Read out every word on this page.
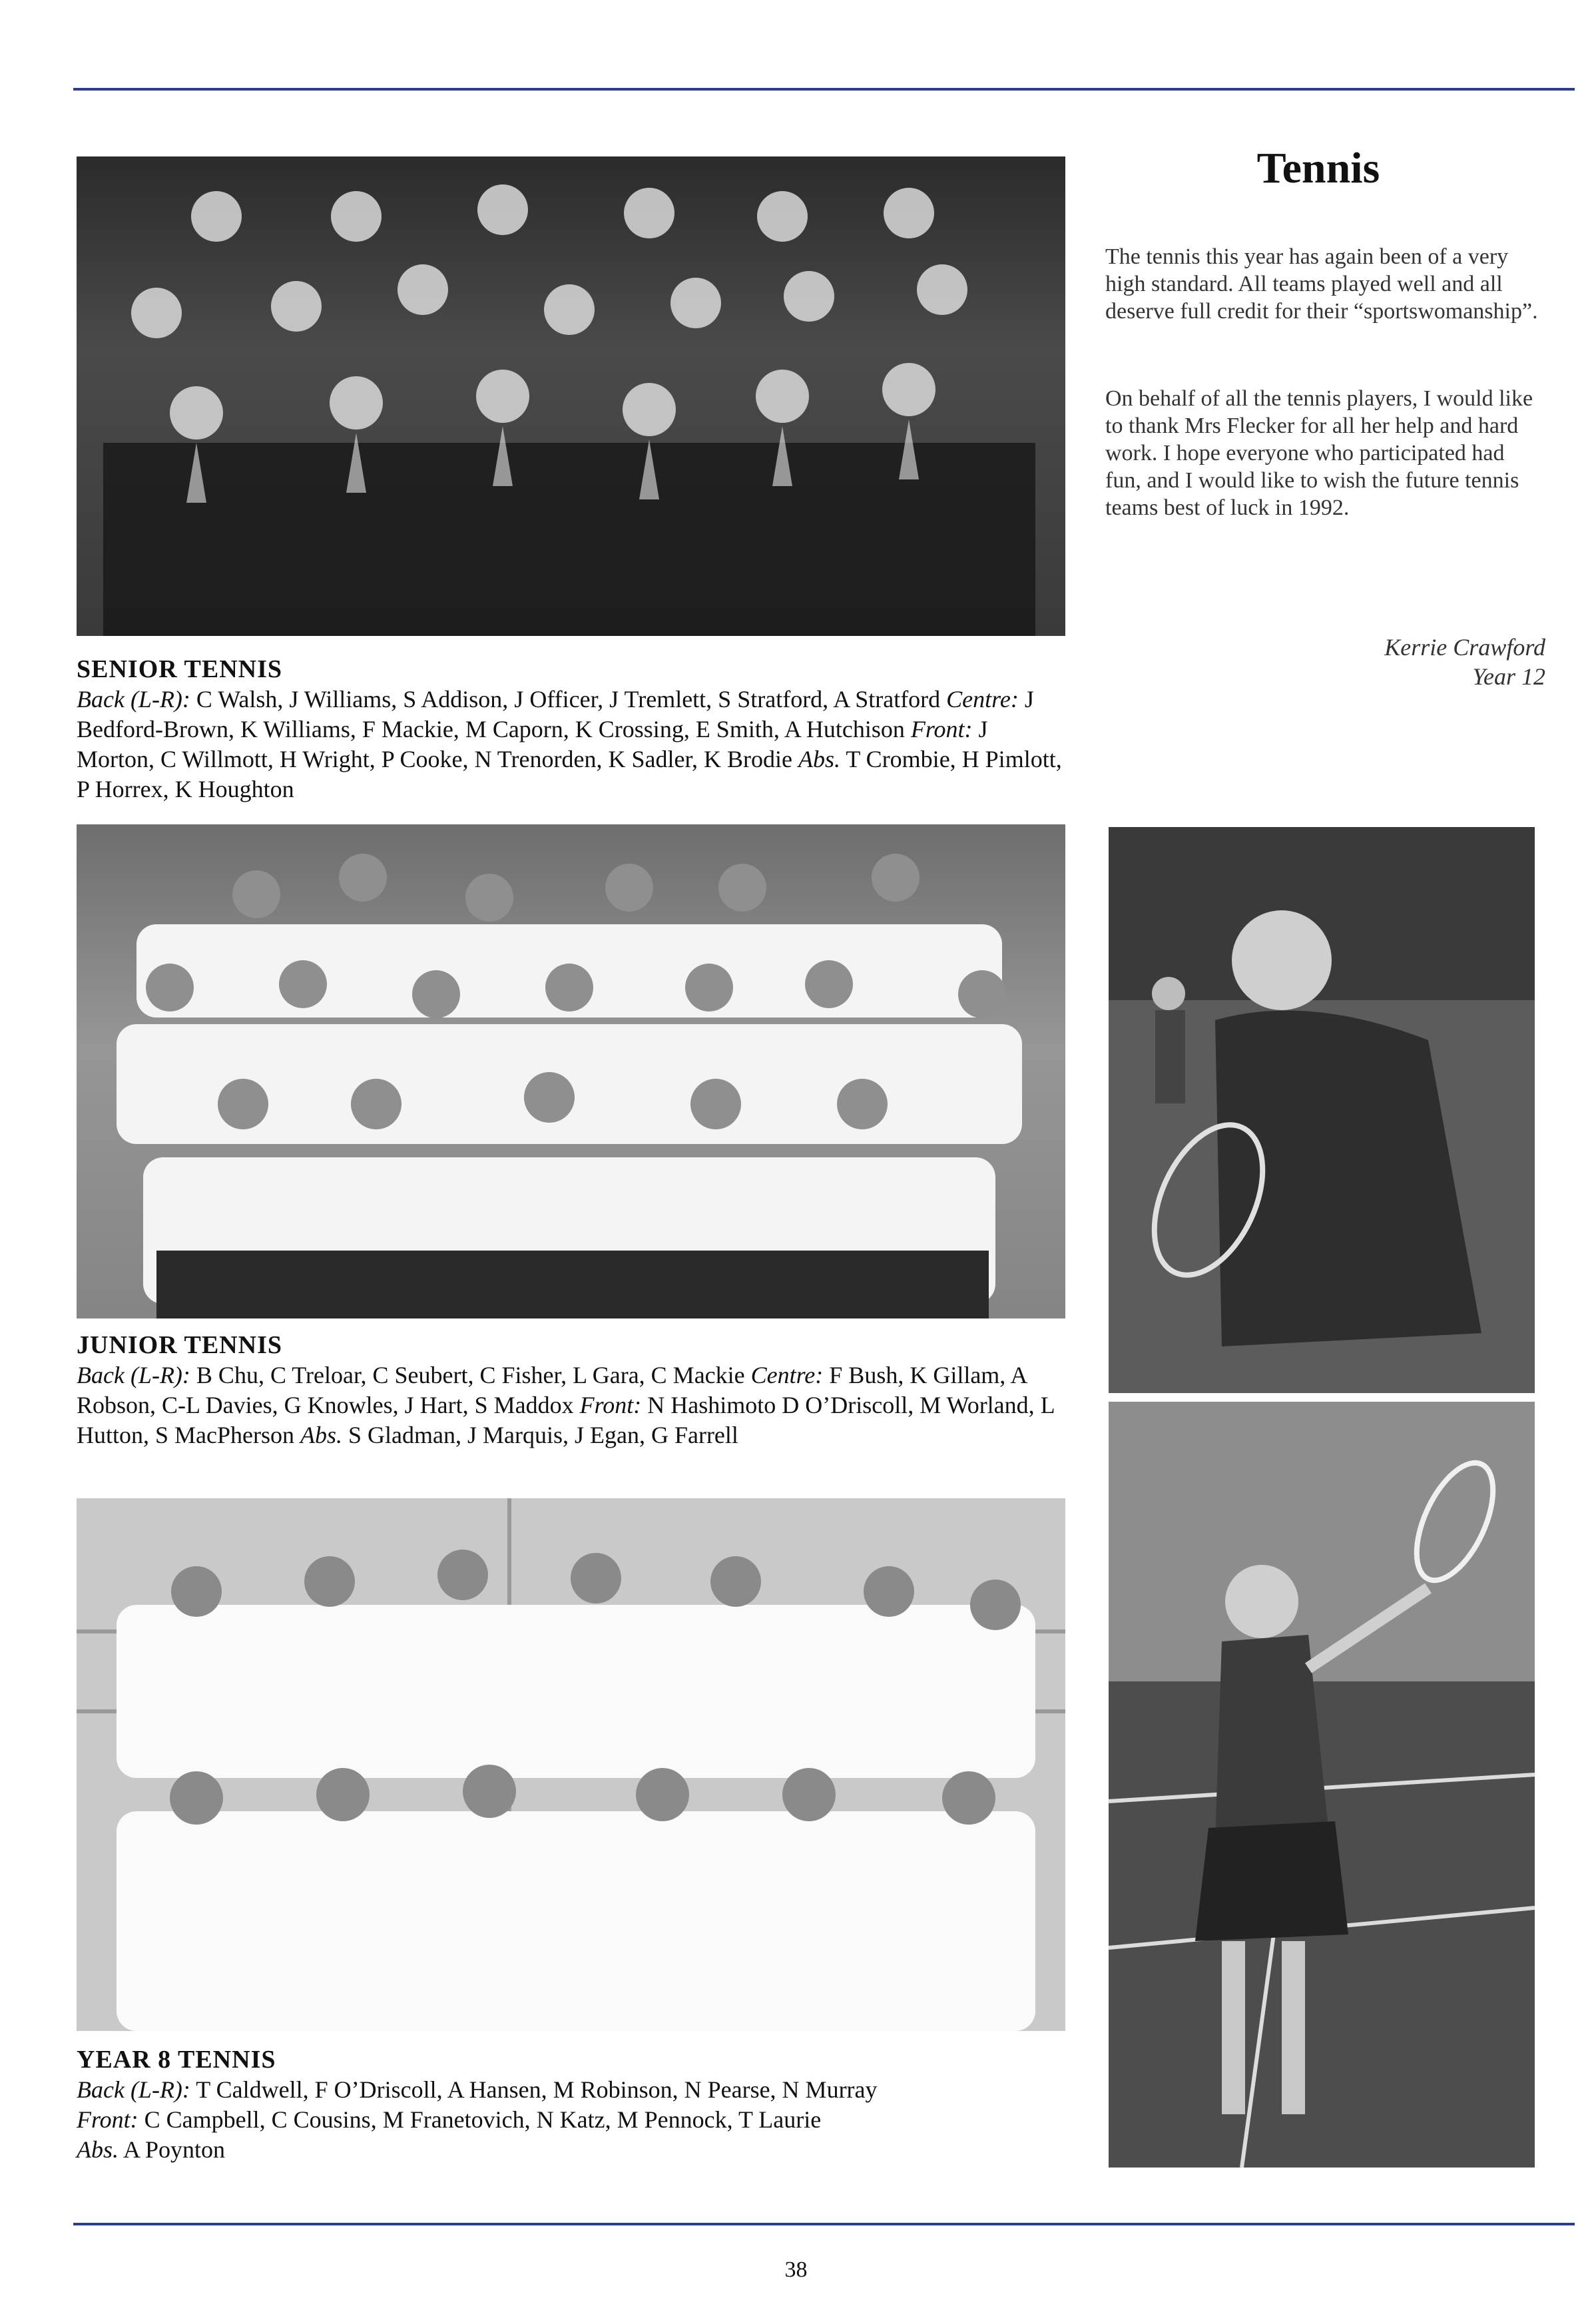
Tennis

The tennis this year has again been of a very high standard. All teams played well and all deserve full credit for their “sportswomanship”.

On behalf of all the tennis players, I would like to thank Mrs Flecker for all her help and hard work. I hope everyone who participated had fun, and I would like to wish the future tennis teams best of luck in 1992.

Kerrie Crawford
Year 12
SENIOR TENNIS

Back (L-R): C Walsh, J Williams, S Addison, J Officer, J Tremlett, S Stratford, A Stratford Centre: J Bedford-Brown, K Williams, F Mackie, M Caporn, K Crossing, E Smith, A Hutchison Front: J Morton, C Willmott, H Wright, P Cooke, N Trenorden, K Sadler, K Brodie Abs. T Crombie, H Pimlott, P Horrex, K Houghton

JUNIOR TENNIS

Back (L-R): B Chu, C Treloar, C Seubert, C Fisher, L Gara, C Mackie Centre: F Bush, K Gillam, A Robson, C-L Davies, G Knowles, J Hart, S Maddox Front: N Hashimoto D O’Driscoll, M Worland, L Hutton, S MacPherson Abs. S Gladman, J Marquis, J Egan, G Farrell

YEAR 8 TENNIS

Back (L-R): T Caldwell, F O’Driscoll, A Hansen, M Robinson, N Pearse, N Murray
Front: C Campbell, C Cousins, M Franetovich, N Katz, M Pennock, T Laurie
Abs. A Poynton

38
